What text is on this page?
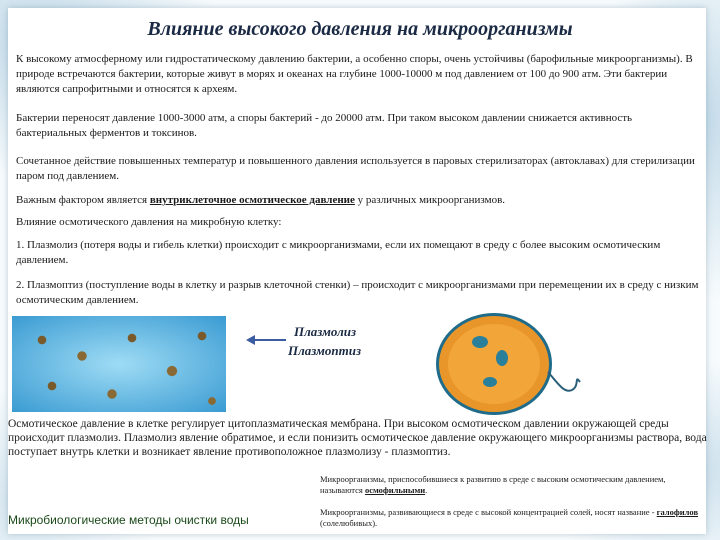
Влияние высокого давления на микроорганизмы

К высокому атмосферному или гидростатическому давлению бактерии, а особенно споры, очень устойчивы (барофильные микроорганизмы). В природе встречаются бактерии, которые живут в морях и океанах на глубине 1000-10000 м под давлением от 100 до 900 атм. Эти бактерии являются сапрофитными и относятся к археям.

Бактерии переносят давление 1000-3000 атм, а споры бактерий - до 20000 атм. При таком высоком давлении снижается активность бактериальных ферментов и токсинов.

Сочетанное действие повышенных температур и повышенного давления используется в паровых стерилизаторах (автоклавах) для стерилизации паром под давлением.

Важным фактором является внутриклеточное осмотическое давление у различных микроорганизмов.

Влияние осмотического давления на микробную клетку:

1. Плазмолиз (потеря воды и гибель клетки) происходит с микроорганизмами, если их помещают в среду с более высоким осмотическим давлением.

2. Плазмоптиз (поступление воды в клетку и разрыв клеточной стенки) – происходит с микроорганизмами при перемещении их в среду с низким осмотическим давлением.

Плазмолиз
Плазмоптиз

Осмотическое давление в клетке регулирует цитоплазматическая мембрана. При высоком осмотическом давлении окружающей среды происходит плазмолиз. Плазмолиз явление обратимое, и если понизить осмотическое давление окружающего микроорганизмы раствора, вода поступает внутрь клетки и возникает явление противоположное плазмолизу - плазмоптиз.

Микроорганизмы, приспособившиеся к развитию в среде с высоким осмотическим давлением, называются осмофильными.

Микроорганизмы, развивающиеся в среде с высокой концентрацией солей, носят название - галофилов (солелюбивых).

Микробиологические методы очистки воды
